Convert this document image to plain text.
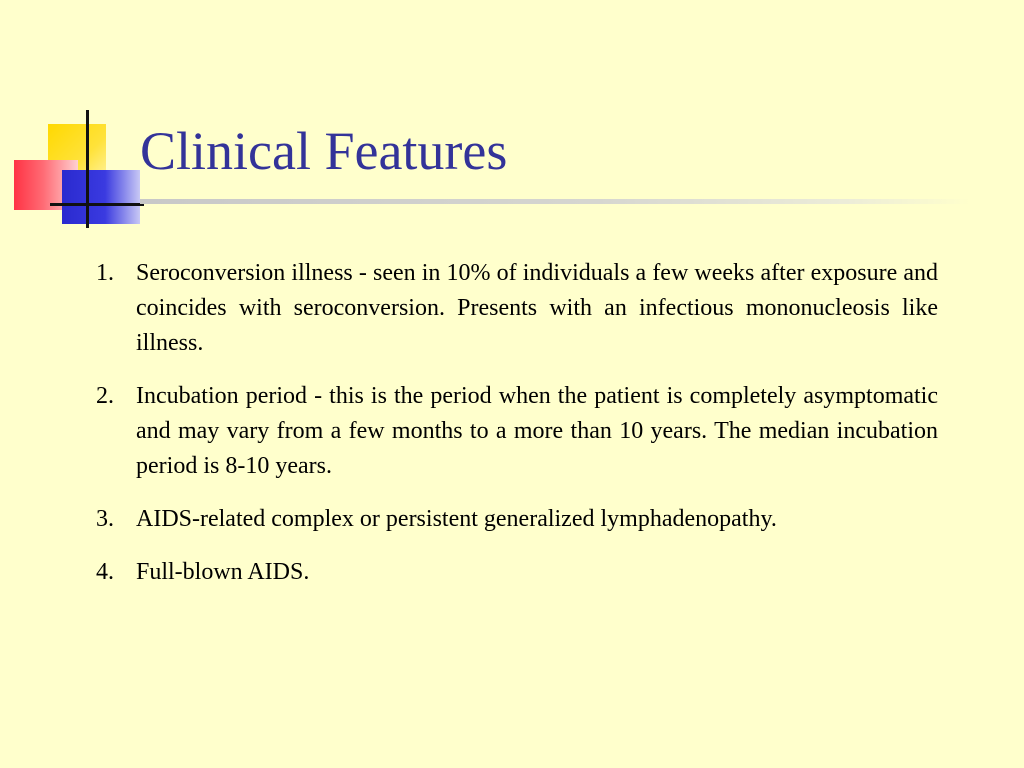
Clinical Features
1. Seroconversion illness - seen in 10% of individuals a few weeks after exposure and coincides with seroconversion. Presents with an infectious mononucleosis like illness.
2. Incubation period - this is the period when the patient is completely asymptomatic and may vary from a few months to a more than 10 years. The median incubation period is 8-10 years.
3. AIDS-related complex or persistent generalized lymphadenopathy.
4. Full-blown AIDS.
